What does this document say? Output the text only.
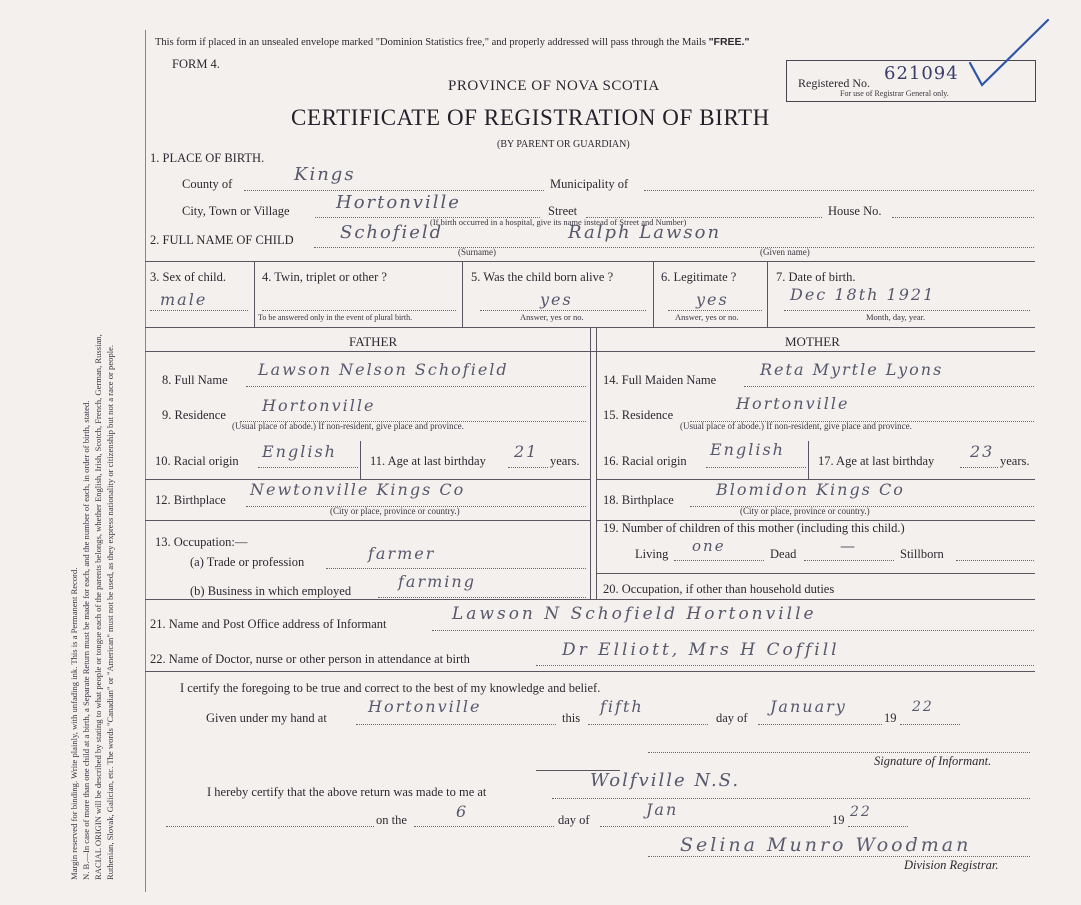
Margin reserved for binding. Write plainly, with unfading ink. This is a Permanent Record. N. B.—In case of more than one child at a birth, a Separate Return must be made for each, and the number of each, in order of birth, stated. RACIAL ORIGIN will be described by stating to what people or tongue each of the parents belongs, whether English, Irish, Scotch, French, German, Russian, Ruthenian, Slovak, Galician, etc. The words "Canadian" or "American" must not be used, as they express nationality or citizenship but not a race or people.
This form if placed in an unsealed envelope marked "Dominion Statistics free," and properly addressed will pass through the Mails "FREE."
FORM 4.
PROVINCE OF NOVA SCOTIA
CERTIFICATE OF REGISTRATION OF BIRTH
(BY PARENT OR GUARDIAN)
Registered No. 621094
For use of Registrar General only.
1. PLACE OF BIRTH.
County of	Kings	Municipality of
City, Town or Village	Hortonville	Street	House No.
(If birth occurred in a hospital, give its name instead of Street and Number)
2. FULL NAME OF CHILD	Schofield	Ralph Lawson
(Surname)	(Given name)
3. Sex of child.
male
4. Twin, triplet or other ?
To be answered only in the event of plural birth.
5. Was the child born alive ?
yes
Answer, yes or no.
6. Legitimate ?
yes
Answer, yes or no.
7. Date of birth.
Dec 18th 1921
Month, day, year.
FATHER	MOTHER
8. Full Name
Lawson Nelson Schofield
9. Residence Hortonville
(Usual place of abode.) If non-resident, give place and province.
10. Racial origin English	11. Age at last birthday 21 years.
12. Birthplace
Newtonville Kings Co
(City or place, province or country.)
13. Occupation:—
(a) Trade or profession	farmer
(b) Business in which employed	farming
14. Full Maiden Name
Reta Myrtle Lyons
15. Residence
Hortonville
(Usual place of abode.) If non-resident, give place and province.
16. Racial origin
English
17. Age at last birthday 23 years.
18. Birthplace
Blomidon Kings Co
(City or place, province or country.)
19. Number of children of this mother (including this child.)
Living one	Dead	—	Stillborn
20. Occupation, if other than household duties
21. Name and Post Office address of Informant	Lawson N Schofield Hortonville
22. Name of Doctor, nurse or other person in attendance at birth	Dr Elliott, Mrs H Coffill
I certify the foregoing to be true and correct to the best of my knowledge and belief.
Given under my hand at
Hortonville
this
fifth
day of
January
19
22
Signature of Informant.
I hereby certify that the above return was made to me at
Wolfville N.S.
on the	6	day of
Jan
19 22
Selina Munro Woodman
Division Registrar.
